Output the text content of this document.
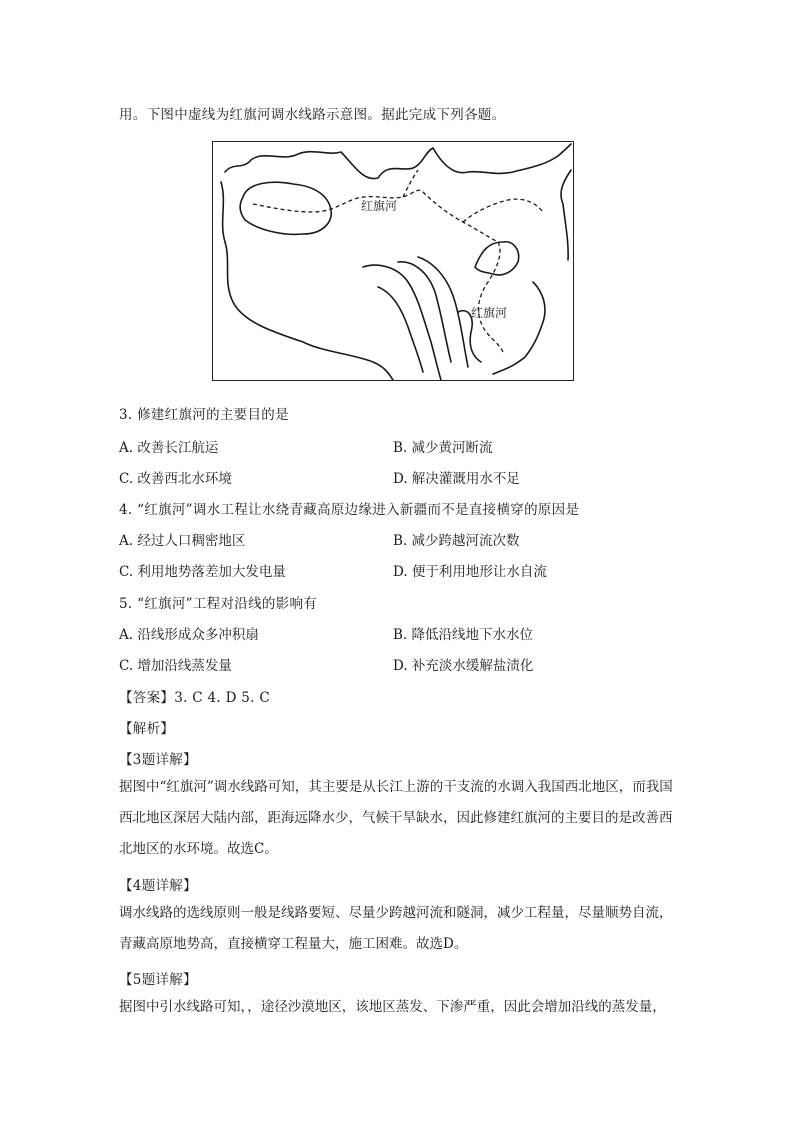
用。下图中虚线为红旗河调水线路示意图。据此完成下列各题。
红旗河
红旗河
3. 修建红旗河的主要目的是
A. 改善长江航运	B. 减少黄河断流
C. 改善西北水环境	D. 解决灌溉用水不足
4. “红旗河”调水工程让水绕青藏高原边缘进入新疆而不是直接横穿的原因是
A. 经过人口稠密地区	B. 减少跨越河流次数
C. 利用地势落差加大发电量	D. 便于利用地形让水自流
5. “红旗河”工程对沿线的影响有
A. 沿线形成众多冲积扇	B. 降低沿线地下水水位
C. 增加沿线蒸发量	D. 补充淡水缓解盐渍化
【答案】3. C 4. D 5. C
【解析】
【3题详解】
据图中“红旗河”调水线路可知，其主要是从长江上游的干支流的水调入我国西北地区，而我国西北地区深居大陆内部，距海远降水少，气候干旱缺水，因此修建红旗河的主要目的是改善西北地区的水环境。故选C。
【4题详解】
调水线路的选线原则一般是线路要短、尽量少跨越河流和隧洞，减少工程量，尽量顺势自流，青藏高原地势高，直接横穿工程量大，施工困难。故选D。
【5题详解】
据图中引水线路可知，，途径沙漠地区，该地区蒸发、下渗严重，因此会增加沿线的蒸发量，
